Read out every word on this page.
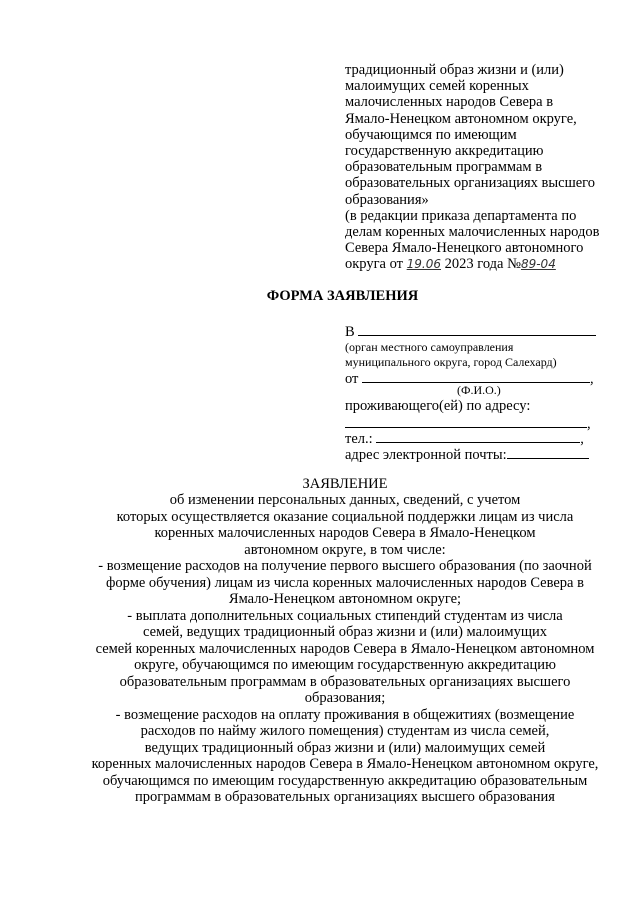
традиционный образ жизни и (или)
малоимущих семей коренных
малочисленных народов Севера в
Ямало-Ненецком автономном округе,
обучающимся по имеющим
государственную аккредитацию
образовательным программам в
образовательных организациях высшего
образования»
(в редакции приказа департамента по
делам коренных малочисленных народов
Севера Ямало-Ненецкого автономного
округа от 19.06 2023 года №89-04
ФОРМА ЗАЯВЛЕНИЯ
В
(орган местного самоуправления
муниципального округа, город Салехард)
от	,
(Ф.И.О.)
проживающего(ей) по адресу:
,
тел.:	,
адрес электронной почты:
ЗАЯВЛЕНИЕ
об изменении персональных данных, сведений, с учетом
которых осуществляется оказание социальной поддержки лицам из числа
коренных малочисленных народов Севера в Ямало-Ненецком
автономном округе, в том числе:
- возмещение расходов на получение первого высшего образования (по заочной
форме обучения) лицам из числа коренных малочисленных народов Севера в
Ямало-Ненецком автономном округе;
- выплата дополнительных социальных стипендий студентам из числа
семей, ведущих традиционный образ жизни и (или) малоимущих
семей коренных малочисленных народов Севера в Ямало-Ненецком автономном
округе, обучающимся по имеющим государственную аккредитацию
образовательным программам в образовательных организациях высшего
образования;
- возмещение расходов на оплату проживания в общежитиях (возмещение
расходов по найму жилого помещения) студентам из числа семей,
ведущих традиционный образ жизни и (или) малоимущих семей
коренных малочисленных народов Севера в Ямало-Ненецком автономном округе,
обучающимся по имеющим государственную аккредитацию образовательным
программам в образовательных организациях высшего образования
